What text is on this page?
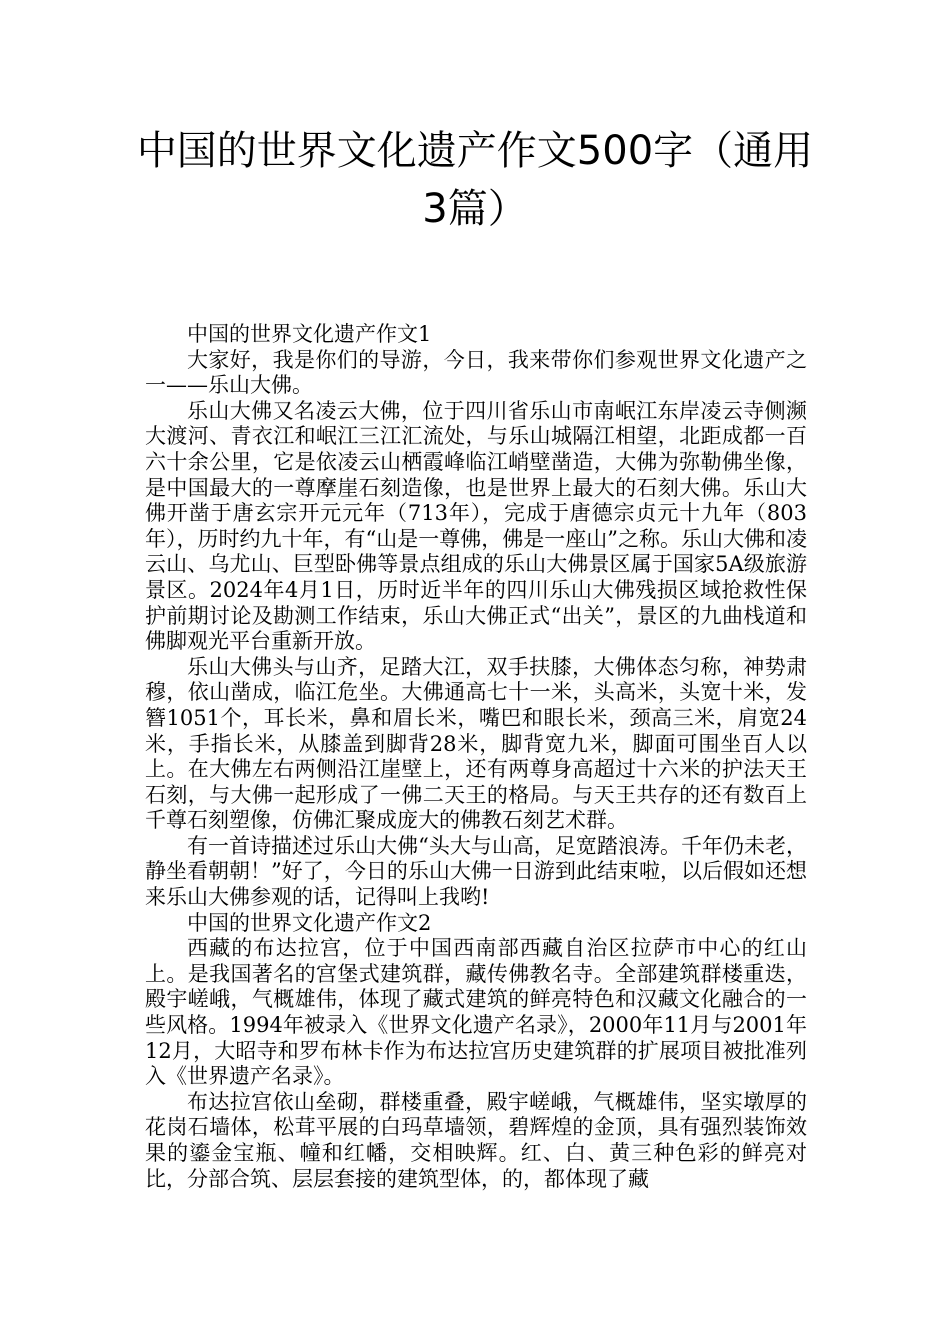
中国的世界文化遗产作文500字（通用
3篇）

中国的世界文化遗产作文1

大家好，我是你们的导游，今日，我来带你们参观世界文化遗产之一——乐山大佛。

乐山大佛又名凌云大佛，位于四川省乐山市南岷江东岸凌云寺侧濒大渡河、青衣江和岷江三江汇流处，与乐山城隔江相望，北距成都一百六十余公里，它是依凌云山栖霞峰临江峭壁凿造，大佛为弥勒佛坐像，是中国最大的一尊摩崖石刻造像，也是世界上最大的石刻大佛。乐山大佛开凿于唐玄宗开元元年（713年），完成于唐德宗贞元十九年（803年），历时约九十年，有“山是一尊佛，佛是一座山”之称。乐山大佛和凌云山、乌尤山、巨型卧佛等景点组成的乐山大佛景区属于国家5A级旅游景区。2024年4月1日，历时近半年的四川乐山大佛残损区域抢救性保护前期讨论及勘测工作结束，乐山大佛正式“出关”，景区的九曲栈道和佛脚观光平台重新开放。

乐山大佛头与山齐，足踏大江，双手扶膝，大佛体态匀称，神势肃穆，依山凿成，临江危坐。大佛通高七十一米，头高米，头宽十米，发簪1051个，耳长米，鼻和眉长米，嘴巴和眼长米，颈高三米，肩宽24米，手指长米，从膝盖到脚背28米，脚背宽九米，脚面可围坐百人以上。在大佛左右两侧沿江崖壁上，还有两尊身高超过十六米的护法天王石刻，与大佛一起形成了一佛二天王的格局。与天王共存的还有数百上千尊石刻塑像，仿佛汇聚成庞大的佛教石刻艺术群。

有一首诗描述过乐山大佛“头大与山高，足宽踏浪涛。千年仍未老，静坐看朝朝！”好了，今日的乐山大佛一日游到此结束啦，以后假如还想来乐山大佛参观的话，记得叫上我哟!

中国的世界文化遗产作文2

西藏的布达拉宫，位于中国西南部西藏自治区拉萨市中心的红山上。是我国著名的宫堡式建筑群，藏传佛教名寺。全部建筑群楼重迭，殿宇嵯峨，气概雄伟，体现了藏式建筑的鲜亮特色和汉藏文化融合的一些风格。1994年被录入《世界文化遗产名录》，2000年11月与2001年12月，大昭寺和罗布林卡作为布达拉宫历史建筑群的扩展项目被批准列入《世界遗产名录》。

布达拉宫依山垒砌，群楼重叠，殿宇嵯峨，气概雄伟，坚实墩厚的花岗石墙体，松茸平展的白玛草墙领，碧辉煌的金顶，具有强烈装饰效果的鎏金宝瓶、幢和红幡，交相映辉。红、白、黄三种色彩的鲜亮对比，分部合筑、层层套接的建筑型体，的，都体现了藏
